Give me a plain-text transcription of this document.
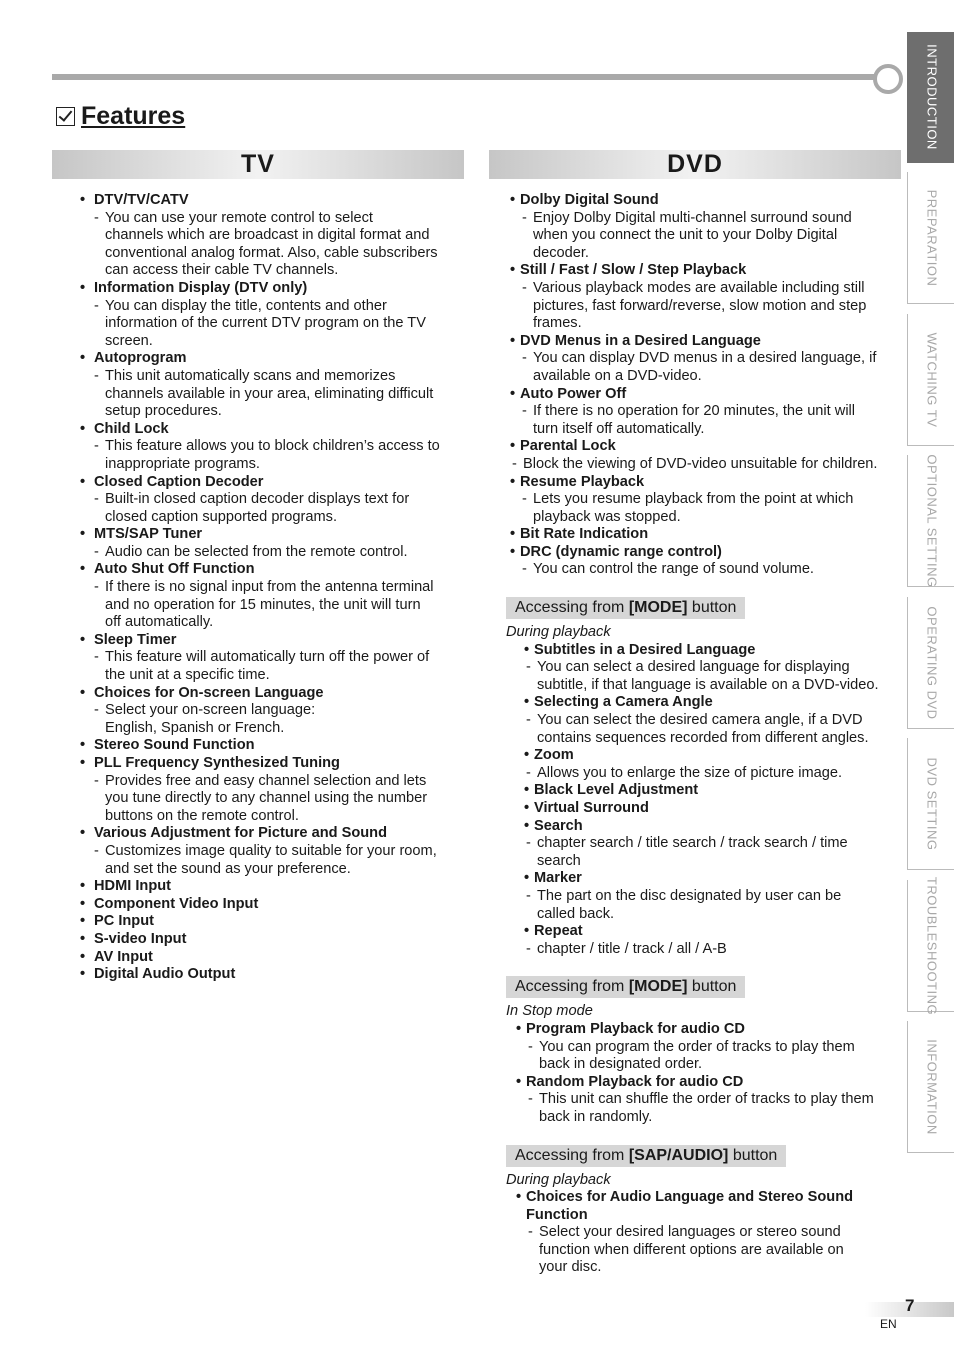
Features
TV	DVD
• DTV/TV/CATV
- You can use your remote control to select
channels which are broadcast in digital format and
conventional analog format. Also, cable subscribers
can access their cable TV channels.
• Information Display (DTV only)
- You can display the title, contents and other
information of the current DTV program on the TV
screen.
• Autoprogram
- This unit automatically scans and memorizes
channels available in your area, eliminating difficult
setup procedures.
• Child Lock
- This feature allows you to block children’s access to
inappropriate programs.
• Closed Caption Decoder
- Built-in closed caption decoder displays text for
closed caption supported programs.
• MTS/SAP Tuner
- Audio can be selected from the remote control.
• Auto Shut Off Function
- If there is no signal input from the antenna terminal
and no operation for 15 minutes, the unit will turn
off automatically.
• Sleep Timer
- This feature will automatically turn off the power of
the unit at a specific time.
• Choices for On-screen Language
- Select your on-screen language:
English, Spanish or French.
• Stereo Sound Function
• PLL Frequency Synthesized Tuning
- Provides free and easy channel selection and lets
you tune directly to any channel using the number
buttons on the remote control.
• Various Adjustment for Picture and Sound
- Customizes image quality to suitable for your room,
and set the sound as your preference.
• HDMI Input
• Component Video Input
• PC Input
• S-video Input
• AV Input
• Digital Audio Output
• Dolby Digital Sound
- Enjoy Dolby Digital multi-channel surround sound
when you connect the unit to your Dolby Digital
decoder.
• Still / Fast / Slow / Step Playback
- Various playback modes are available including still
pictures, fast forward/reverse, slow motion and step
frames.
• DVD Menus in a Desired Language
- You can display DVD menus in a desired language, if
available on a DVD-video.
• Auto Power Off
- If there is no operation for 20 minutes, the unit will
turn itself off automatically.
• Parental Lock
- Block the viewing of DVD-video unsuitable for children.
• Resume Playback
- Lets you resume playback from the point at which
playback was stopped.
• Bit Rate Indication
• DRC (dynamic range control)
- You can control the range of sound volume.
Accessing from [MODE] button
During playback
• Subtitles in a Desired Language
- You can select a desired language for displaying
subtitle, if that language is available on a DVD-video.
• Selecting a Camera Angle
- You can select the desired camera angle, if a DVD
contains sequences recorded from different angles.
• Zoom
- Allows you to enlarge the size of picture image.
• Black Level Adjustment
• Virtual Surround
• Search
- chapter search / title search / track search / time
search
• Marker
- The part on the disc designated by user can be
called back.
• Repeat
- chapter / title / track / all / A-B
Accessing from [MODE] button
In Stop mode
• Program Playback for audio CD
- You can program the order of tracks to play them
back in designated order.
• Random Playback for audio CD
- This unit can shuffle the order of tracks to play them
back in randomly.
Accessing from [SAP/AUDIO] button
During playback
• Choices for Audio Language and Stereo Sound
Function
- Select your desired languages or stereo sound
function when different options are available on
your disc.
INTRODUCTION
PREPARATION
WATCHING TV
OPTIONAL SETTING
OPERATING DVD
DVD SETTING
TROUBLESHOOTING
INFORMATION
7
EN
